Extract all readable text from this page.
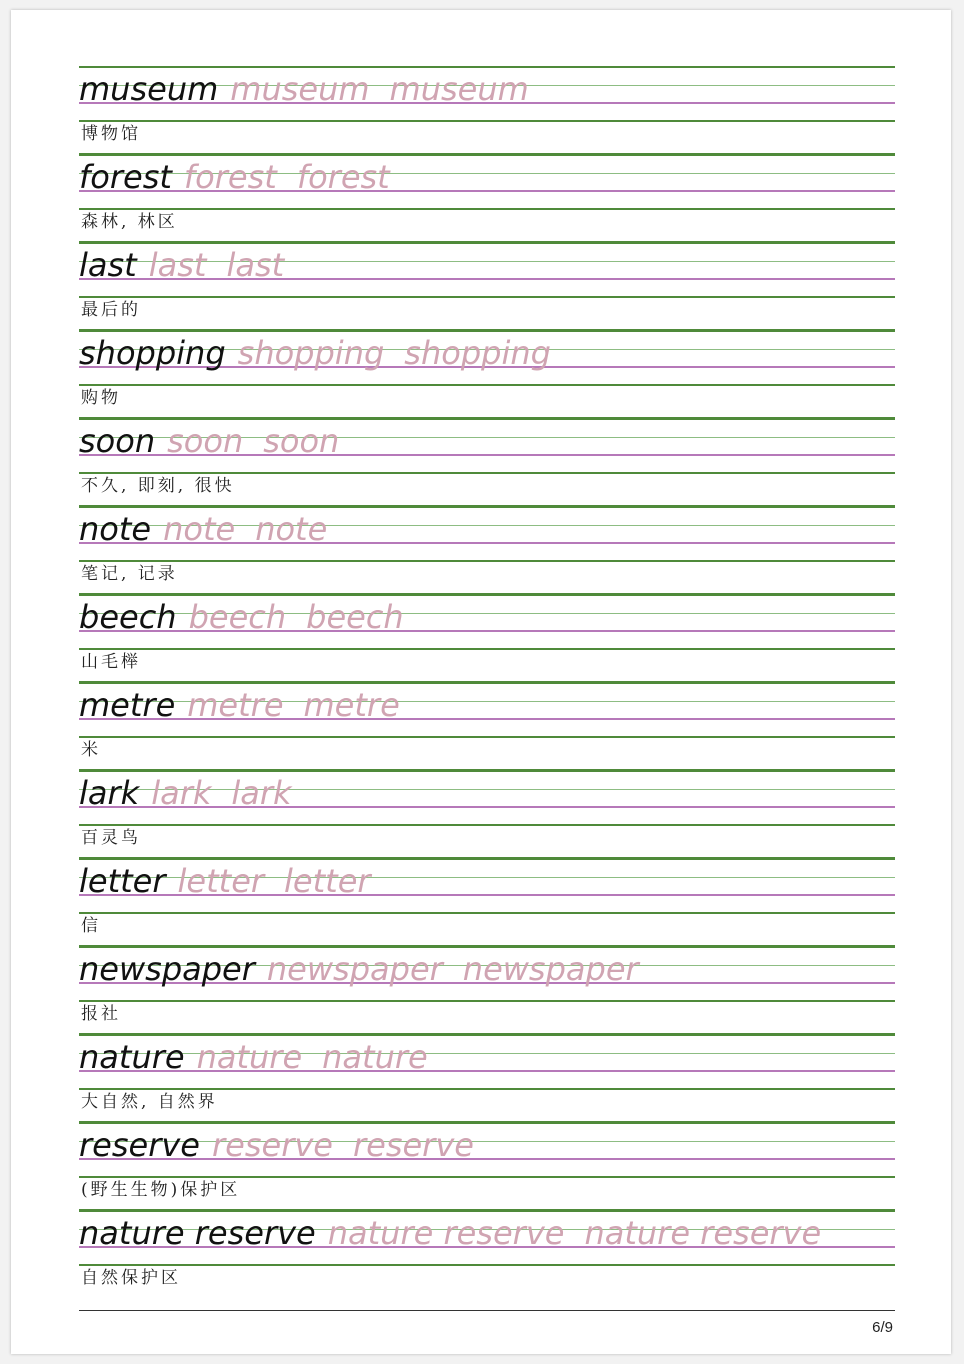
museum museum museum
博物馆
forest forest forest
森林, 林区
last last last
最后的
shopping shopping shopping
购物
soon soon soon
不久, 即刻, 很快
note note note
笔记, 记录
beech beech beech
山毛榉
metre metre metre
米
lark lark lark
百灵鸟
letter letter letter
信
newspaper newspaper newspaper
报社
nature nature nature
大自然, 自然界
reserve reserve reserve
(野生生物)保护区
nature reserve nature reserve nature reserve
自然保护区
6/9
